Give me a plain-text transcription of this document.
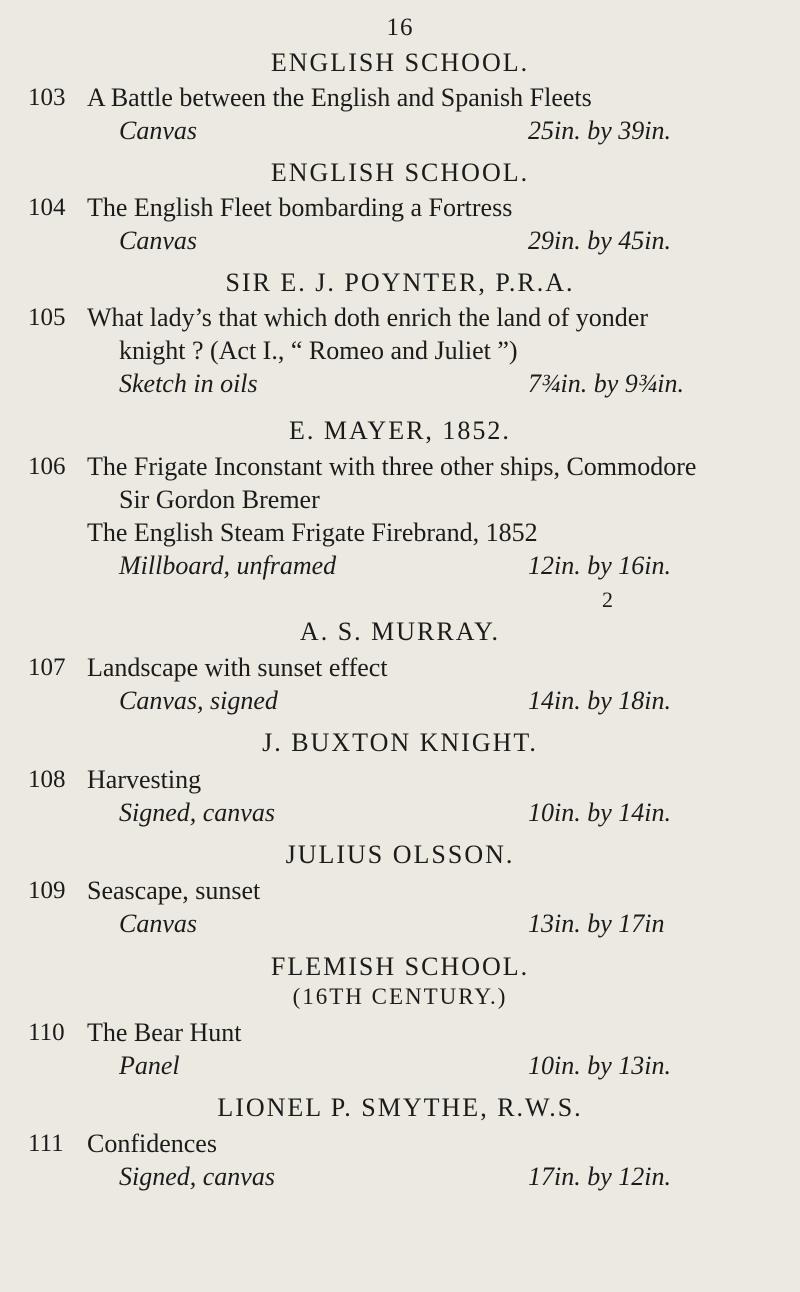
16
ENGLISH SCHOOL.
103 A Battle between the English and Spanish Fleets
Canvas	25in. by 39in.
ENGLISH SCHOOL.
104 The English Fleet bombarding a Fortress
Canvas	29in. by 45in.
SIR E. J. POYNTER, P.R.A.
105 What lady’s that which doth enrich the land of yonder
knight ? (Act I., “ Romeo and Juliet ”)
Sketch in oils	7¾in. by 9¾in.
E. MAYER, 1852.
106 The Frigate Inconstant with three other ships, Commodore
Sir Gordon Bremer
The English Steam Frigate Firebrand, 1852
Millboard, unframed	12in. by 16in.
2
A. S. MURRAY.
107 Landscape with sunset effect
Canvas, signed	14in. by 18in.
J. BUXTON KNIGHT.
108 Harvesting
Signed, canvas	10in. by 14in.
JULIUS OLSSON.
109 Seascape, sunset
Canvas	13in. by 17in
FLEMISH SCHOOL.
(16TH CENTURY.)
110 The Bear Hunt
Panel	10in. by 13in.
LIONEL P. SMYTHE, R.W.S.
111 Confidences
Signed, canvas	17in. by 12in.
